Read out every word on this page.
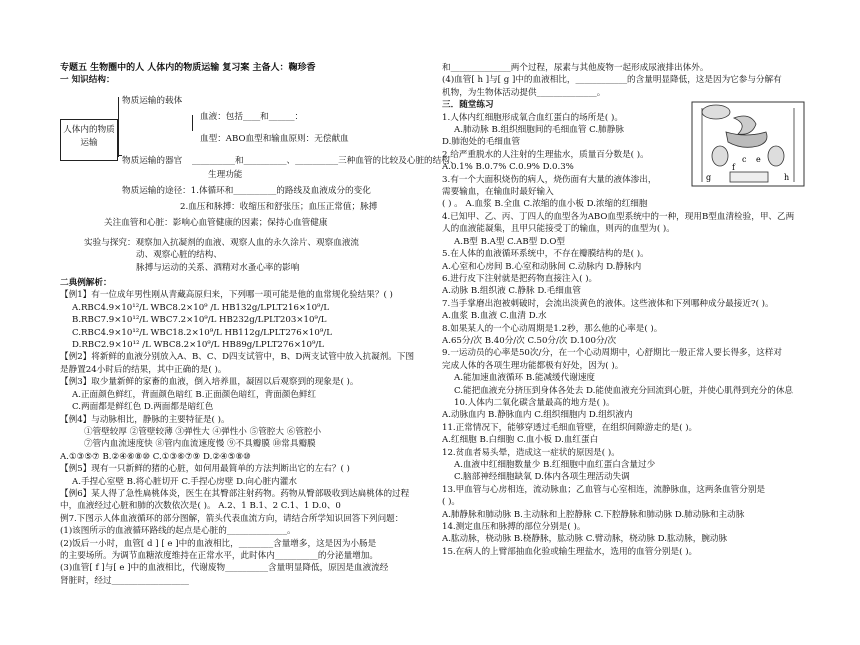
专题五 生物圈中的人 人体内的物质运输 复习案 主备人：鞠珍香
一 知识结构：
人体内的物质运输
物质运输的载体
血液：包括____和______：
血型：ABO血型和输血原则：无偿献血
物质运输的器官 __________和__________、__________三种血管的比较及心脏的结构、
生理功能
物质运输的途径：1.体循环和__________的路线及血液成分的变化
2.血压和脉搏：收缩压和舒张压；血压正常值；脉搏
关注血管和心脏：影响心血管健康的因素；保持心血管健康
实验与探究：观察加入抗凝剂的血液、观察人血的永久涂片、观察血液流
动、观察心脏的结构、
脉搏与运动的关系、酒精对水蚤心率的影响
二典例解析：
【例1】有一位成年男性刚从青藏高原归来，下列哪一项可能是他的血常规化验结果？( )
A.RBC4.9×10¹²/L WBC8.2×10⁹ /L HB132g/LPLT216×10⁹/L
B.RBC7.9×10¹²/L WBC7.2×10⁹/L HB232g/LPLT203×10⁹/L
C.RBC4.9×10¹²/L WBC18.2×10⁹/L HB112g/LPLT276×10⁹/L
D.RBC2.9×10¹² /L WBC8.2×10⁹/L HB89g/LPLT276×10⁹/L
【例2】将新鲜的血液分别放入A、B、C、D四支试管中，B、D两支试管中放入抗凝剂。下图
是静置24小时后的结果，其中正确的是( )。
【例3】取少量新鲜的家畜的血液，倒入培养皿，凝固以后观察到的现象是( )。
A.正面颜色鲜红，背面颜色暗红 B.正面颜色暗红，背面颜色鲜红
C.两面都是鲜红色 D.两面都是暗红色
【例4】与动脉相比，静脉的主要特征是( )。
①管壁较厚 ②管壁较薄 ③弹性大 ④弹性小 ⑤管腔大 ⑥管腔小
⑦管内血流速度快 ⑧管内血流速度慢 ⑨不具瓣膜 ⑩常具瓣膜
A.①③⑤⑦ B.②④⑥⑧⑩ C.①③⑥⑦⑨ D.②④⑤⑧⑩
【例5】现有一只新鲜的猪的心脏，如何用最简单的方法判断出它的左右？( )
A.手捏心室壁 B.将心脏切开 C.手捏心房壁 D.向心脏内灌水
【例6】某人得了急性扁桃体炎，医生在其臀部注射药物。药物从臀部吸收到达扁桃体的过程
中，血液经过心脏和肺的次数依次是( )。 A.2、1 B.1、2 C.1、1 D.0、0
例7.下图示人体血液循环的部分图解，箭头代表血流方向，请结合所学知识回答下列问题：
(1)该图所示的血液循环路线的起点是心脏的______________。
(2)饭后一小时，血管[ d ] [ e ]中的血液相比，________含量增多，这是因为小肠是
的主要场所。为调节血糖浓度维持在正常水平，此时体内__________的分泌量增加。
(3)血管[ f ]与[ e ]中的血液相比，代谢废物__________含量明显降低，原因是血液流经
肾脏时，经过__________________
和______________两个过程，尿素与其他废物一起形成尿液排出体外。
(4)血管[ h ]与[ g ]中的血液相比，____________的含量明显降低，这是因为它参与分解有
机物，为生物体活动提供______________。
三．随堂练习
1.人体内红细胞形成氧合血红蛋白的场所是( )。
A.肺动脉 B.组织细胞间的毛细血管 C.肺静脉
D.肺泡处的毛细血管
2.给严重脱水的人注射的生理盐水，质量百分数是( )。
A.0.1% B.0.7% C.0.9% D.0.3%
3.有一个大面积烧伤的病人，烧伤面有大量的液体渗出，
需要输血，在输血时最好输入
( ) 。 A.血浆 B.全血 C.浓缩的血小板 D.浓缩的红细胞
4.已知甲、乙、丙、丁四人的血型各为ABO血型系统中的一种，现用B型血清检验，甲、乙两
人的血液能凝集，且甲只能接受丁的输血，则丙的血型为( )。
A.B型 B.A型 C.AB型 D.O型
5.在人体的血液循环系统中，不存在瓣膜结构的是( )。
A.心室和心房间 B.心室和动脉间 C.动脉内 D.静脉内
6.进行皮下注射就是把药物直接注入( )。
A.动脉 B.组织液 C.静脉 D.毛细血管
7.当手掌磨出泡被刺破时，会流出淡黄色的液体。这些液体和下列哪种成分最接近?( )。
A.血浆 B.血液 C.血清 D.水
8.如果某人的一个心动周期是1.2秒，那么他的心率是( )。
A.65分/次 B.40分/次 C.50分/次 D.100分/次
9.一运动员的心率是50次/分，在一个心动周期中，心舒期比一般正常人要长得多，这样对
完成人体的各项生理功能都极有好处，因为( )。
A.能加速血液循环 B.能减缓代谢速度
C.能把血液充分挤压到身体各处去 D.能使血液充分回流到心脏，并使心肌得到充分的休息
10.人体内二氧化碳含量最高的地方是( )。
A.动脉血内 B.静脉血内 C.组织细胞内 D.组织液内
11.正常情况下，能够穿透过毛细血管壁，在组织间隙游走的是( )。
A.红细胞 B.白细胞 C.血小板 D.血红蛋白
12.贫血者易头晕，造成这一症状的原因是( )。
A.血液中红细胞数量少 B.红细胞中血红蛋白含量过少
C.脑部神经细胞缺氧 D.体内各项生理活动失调
13.甲血管与心房相连，流动脉血；乙血管与心室相连，流静脉血，这两条血管分别是
( )。
A.肺静脉和肺动脉 B.主动脉和上腔静脉 C.下腔静脉和肺动脉 D.肺动脉和主动脉
14.测定血压和脉搏的部位分别是( )。
A.肱动脉，桡动脉 B.桡静脉，肱动脉 C.臂动脉，桡动脉 D.肱动脉，腕动脉
15.在病人的上臂部抽血化验或输生理盐水，选用的血管分别是( )。
c e
f
g	h
